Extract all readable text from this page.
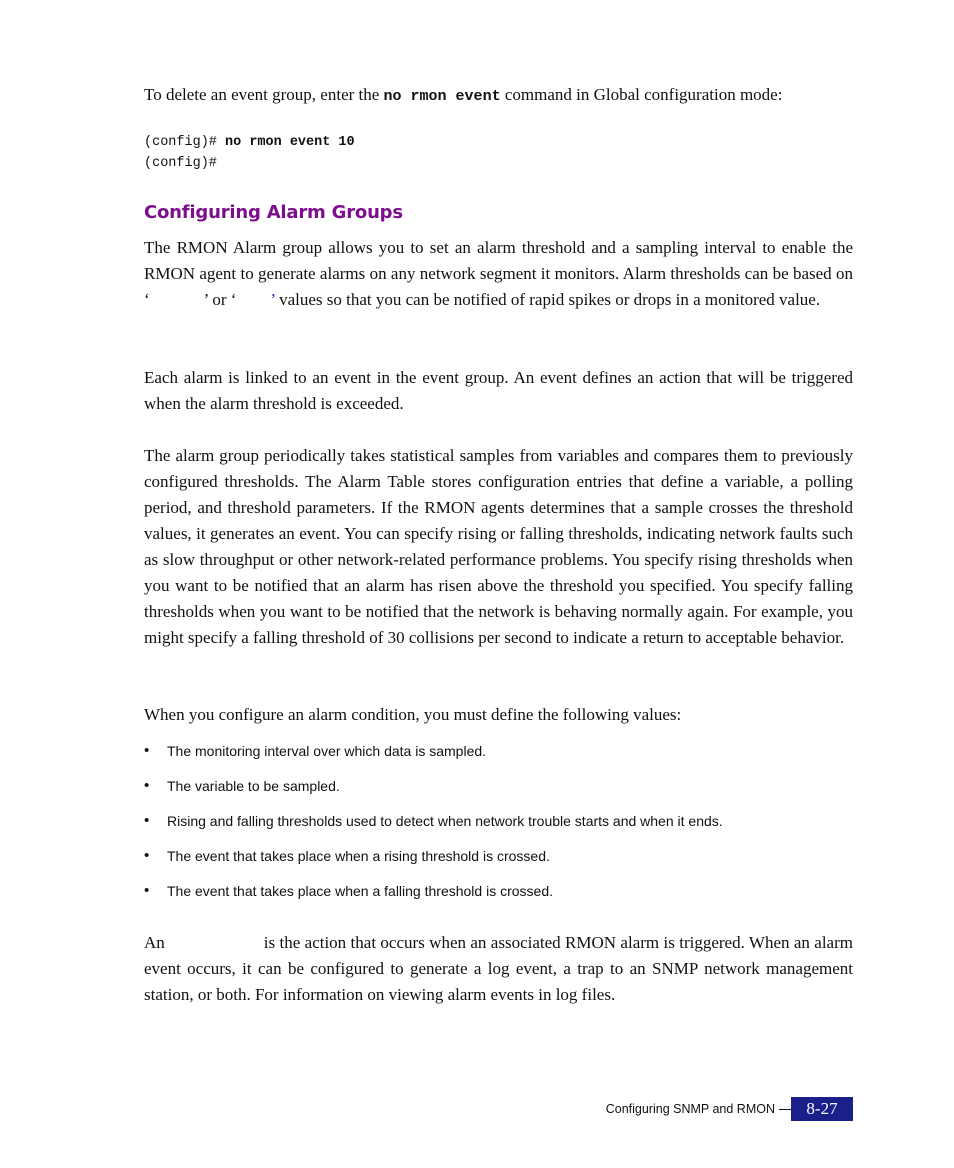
To delete an event group, enter the no rmon event command in Global configuration mode:

(config)# no rmon event 10

(config)#

Configuring Alarm Groups

The RMON Alarm group allows you to set an alarm threshold and a sampling interval to enable the RMON agent to generate alarms on any network segment it monitors. Alarm thresholds can be based on ‘	’ or ‘ ’ values so that you can be notified of rapid spikes or drops in a monitored value.

Each alarm is linked to an event in the event group. An event defines an action that will be triggered when the alarm threshold is exceeded.

The alarm group periodically takes statistical samples from variables and compares them to previously configured thresholds. The Alarm Table stores configuration entries that define a variable, a polling period, and threshold parameters. If the RMON agents determines that a sample crosses the threshold values, it generates an event. You can specify rising or falling thresholds, indicating network faults such as slow throughput or other network-related performance problems. You specify rising thresholds when you want to be notified that an alarm has risen above the threshold you specified. You specify falling thresholds when you want to be notified that the network is behaving normally again. For example, you might specify a falling threshold of 30 collisions per second to indicate a return to acceptable behavior.

When you configure an alarm condition, you must define the following values:

• The monitoring interval over which data is sampled.
• The variable to be sampled.
• Rising and falling thresholds used to detect when network trouble starts and when it ends.
• The event that takes place when a rising threshold is crossed.
• The event that takes place when a falling threshold is crossed.

An	is the action that occurs when an associated RMON alarm is triggered. When an alarm event occurs, it can be configured to generate a log event, a trap to an SNMP network management station, or both. For information on viewing alarm events in log files.

Configuring SNMP and RMON	8-27
